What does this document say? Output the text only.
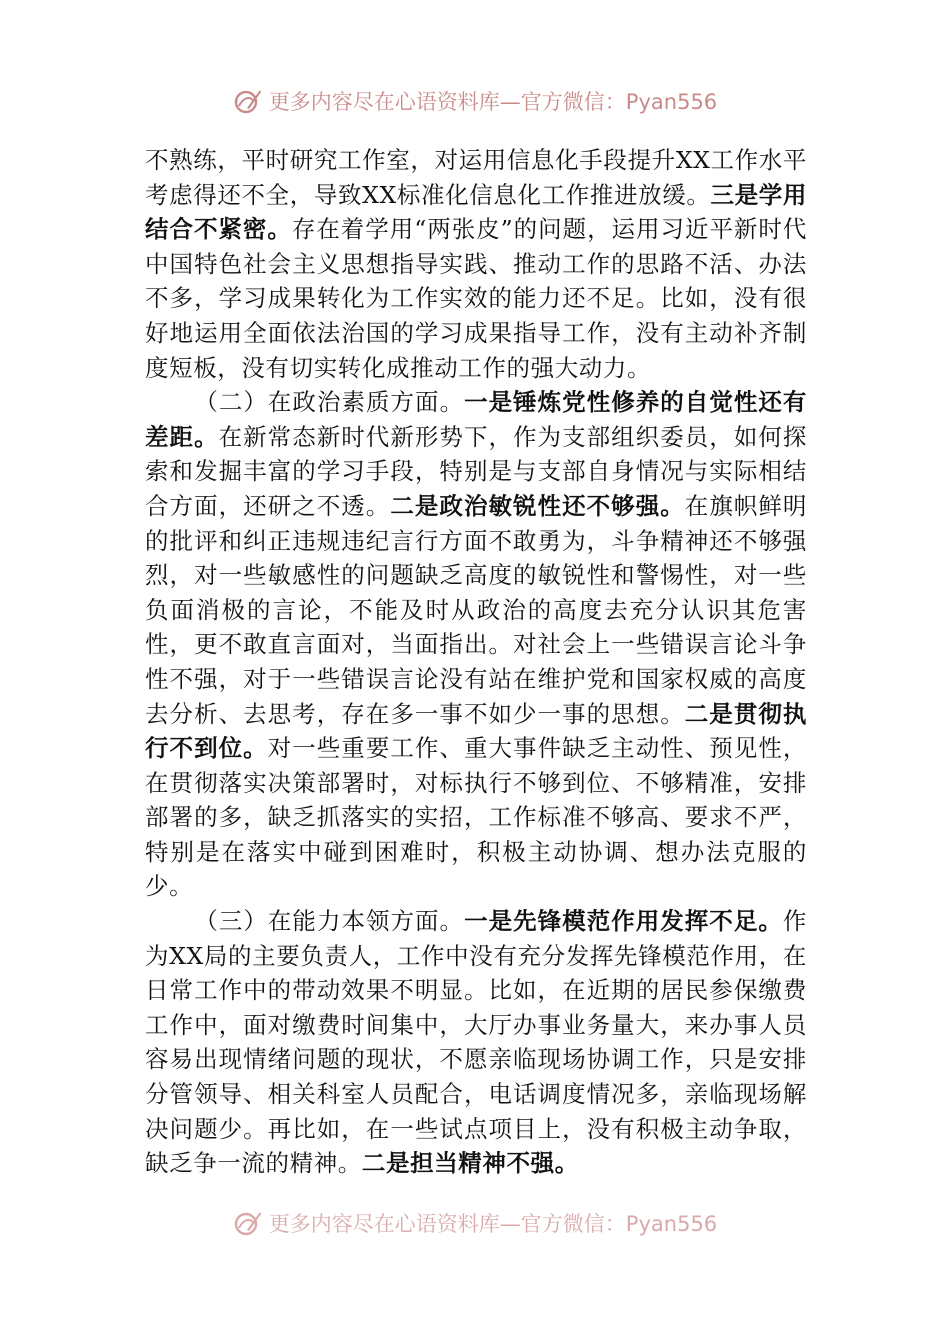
更多内容尽在心语资料库—官方微信：Pyan556

不熟练，平时研究工作室，对运用信息化手段提升XX工作水平考虑得还不全，导致XX标准化信息化工作推进放缓。三是学用结合不紧密。存在着学用“两张皮”的问题，运用习近平新时代中国特色社会主义思想指导实践、推动工作的思路不活、办法不多，学习成果转化为工作实效的能力还不足。比如，没有很好地运用全面依法治国的学习成果指导工作，没有主动补齐制度短板，没有切实转化成推动工作的强大动力。

（二）在政治素质方面。一是锤炼党性修养的自觉性还有差距。在新常态新时代新形势下，作为支部组织委员，如何探索和发掘丰富的学习手段，特别是与支部自身情况与实际相结合方面，还研之不透。二是政治敏锐性还不够强。在旗帜鲜明的批评和纠正违规违纪言行方面不敢勇为，斗争精神还不够强烈，对一些敏感性的问题缺乏高度的敏锐性和警惕性，对一些负面消极的言论，不能及时从政治的高度去充分认识其危害性，更不敢直言面对，当面指出。对社会上一些错误言论斗争性不强，对于一些错误言论没有站在维护党和国家权威的高度去分析、去思考，存在多一事不如少一事的思想。二是贯彻执行不到位。对一些重要工作、重大事件缺乏主动性、预见性，在贯彻落实决策部署时，对标执行不够到位、不够精准，安排部署的多，缺乏抓落实的实招，工作标准不够高、要求不严，特别是在落实中碰到困难时，积极主动协调、想办法克服的少。

（三）在能力本领方面。一是先锋模范作用发挥不足。作为XX局的主要负责人，工作中没有充分发挥先锋模范作用，在日常工作中的带动效果不明显。比如，在近期的居民参保缴费工作中，面对缴费时间集中，大厅办事业务量大，来办事人员容易出现情绪问题的现状，不愿亲临现场协调工作，只是安排分管领导、相关科室人员配合，电话调度情况多，亲临现场解决问题少。再比如，在一些试点项目上，没有积极主动争取，缺乏争一流的精神。二是担当精神不强。

更多内容尽在心语资料库—官方微信：Pyan556
